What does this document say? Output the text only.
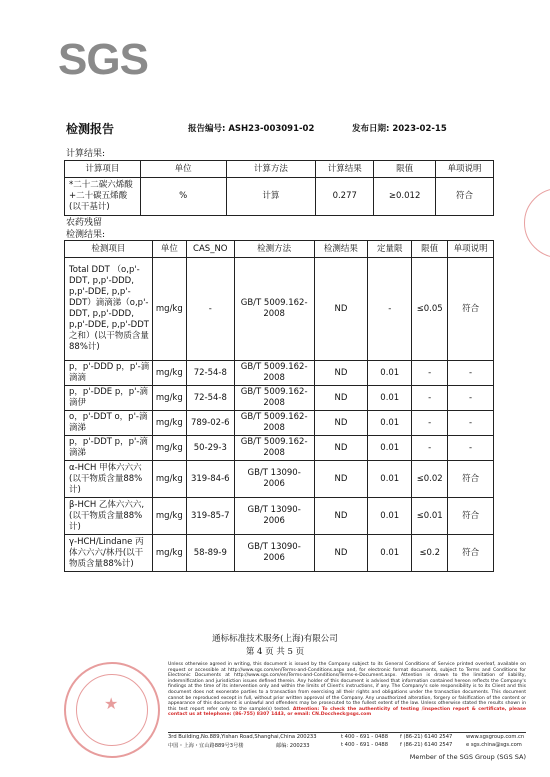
SGS
检测报告	报告编号: ASH23-003091-02	发布日期: 2023-02-15
计算结果:
计算项目	单位	计算方法	计算结果	限值	单项说明
*二十二碳六烯酸+二十碳五烯酸(以干基计)	%	计算	0.277	≥0.012	符合
农药残留
检测结果:
检测项目	单位	CAS_NO	检测方法	检测结果	定量限	限值	单项说明
Total DDT （o,p'-DDT, p,p'-DDD, p,p'-DDE, p,p'-DDT）滴滴涕（o,p'-DDT, p,p'-DDD, p,p'-DDE, p,p'-DDT之和）(以干物质含量88%计)	mg/kg	-	GB/T 5009.162-2008	ND	-	≤0.05	符合
p，p'-DDD p，p'-滴滴滴	mg/kg	72-54-8	GB/T 5009.162-2008	ND	0.01	-	-
p，p'-DDE p，p'-滴滴伊	mg/kg	72-54-8	GB/T 5009.162-2008	ND	0.01	-	-
o，p'-DDT o，p'-滴滴涕	mg/kg	789-02-6	GB/T 5009.162-2008	ND	0.01	-	-
p，p'-DDT p，p'-滴滴涕	mg/kg	50-29-3	GB/T 5009.162-2008	ND	0.01	-	-
α-HCH 甲体六六六(以干物质含量88%计)	mg/kg	319-84-6	GB/T 13090-2006	ND	0.01	≤0.02	符合
β-HCH 乙体六六六, (以干物质含量88%计)	mg/kg	319-85-7	GB/T 13090-2006	ND	0.01	≤0.01	符合
γ-HCH/Lindane 丙体六六六/林丹(以干物质含量88%计)	mg/kg	58-89-9	GB/T 13090-2006	ND	0.01	≤0.2	符合
通标标准技术服务(上海)有限公司
第 4 页 共 5 页
★
Unless otherwise agreed in writing, this document is issued by the Company subject to its General Conditions of Service printed overleaf, available on request or accessible at http://www.sgs.com/en/Terms-and-Conditions.aspx and, for electronic format documents, subject to Terms and Conditions for Electronic Documents at http://www.sgs.com/en/Terms-and-Conditions/Terms-e-Document.aspx. Attention is drawn to the limitation of liability, indemnification and jurisdiction issues defined therein. Any holder of this document is advised that information contained hereon reflects the Company's findings at the time of its intervention only and within the limits of Client's instructions, if any. The Company's sole responsibility is to its Client and this document does not exonerate parties to a transaction from exercising all their rights and obligations under the transaction documents. This document cannot be reproduced except in full, without prior written approval of the Company. Any unauthorized alteration, forgery or falsification of the content or appearance of this document is unlawful and offenders may be prosecuted to the fullest extent of the law. Unless otherwise stated the results shown in this test report refer only to the sample(s) tested. Attention: To check the authenticity of testing /inspection report & certificate, please contact us at telephone: (86-755) 8307 1443, or email: CN.Doccheck@sgs.com
3rd Building,No.889,Yishan Road,Shanghai,China 200233	t 400 - 691 - 0488 f (86-21) 6140 2547	www.sgsgroup.com.cn
中国・上海・宜山路889号3号楼	邮编: 200233	t 400 - 691 - 0488 f (86-21) 6140 2547	e sgs.china@sgs.com
Member of the SGS Group (SGS SA)
